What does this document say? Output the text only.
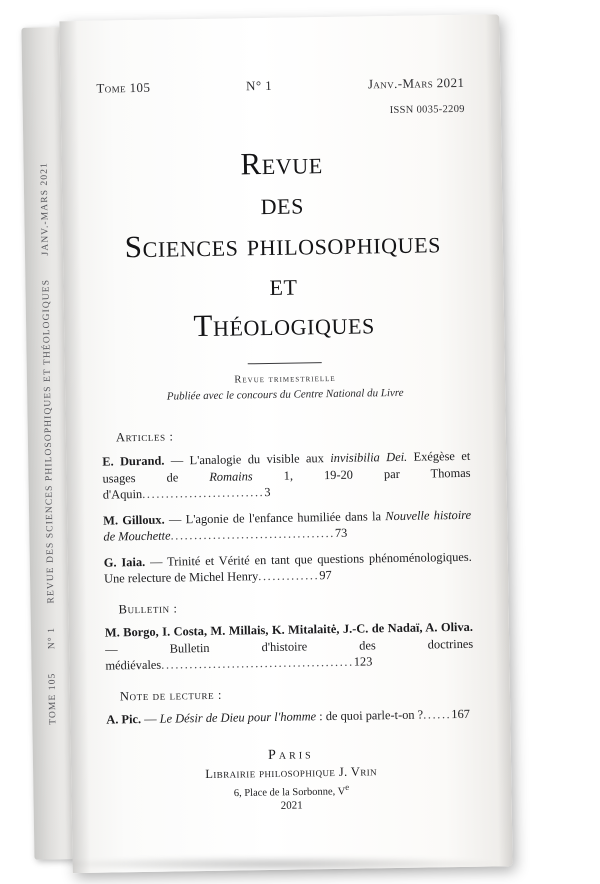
TOME 105 N° 1 REVUE DES SCIENCES PHILOSOPHIQUES ET THÉOLOGIQUES JANV.-MARS 2021
Tome 105	N° 1	Janv.-Mars 2021
ISSN 0035-2209
Revue
des
Sciences philosophiques
et
Théologiques
Revue trimestrielle
Publiée avec le concours du Centre National du Livre
Articles :

E. Durand. — L'analogie du visible aux invisibilia Dei. Exégèse et usages de Romains 1, 19-20 par Thomas d'Aquin..........................3

M. Gilloux. — L'agonie de l'enfance humiliée dans la Nouvelle histoire de Mouchette...................................73

G. Iaia. — Trinité et Vérité en tant que questions phénoménologiques. Une relecture de Michel Henry.............97

Bulletin :

M. Borgo, I. Costa, M. Millais, K. Mitalaitė, J.-C. de Nadaï, A. Oliva. — Bulletin d'histoire des doctrines médiévales.........................................123

Note de lecture :

A. Pic. — Le Désir de Dieu pour l'homme : de quoi parle-t-on ?......167

Paris
Librairie philosophique J. Vrin
6, Place de la Sorbonne, Ve
2021
